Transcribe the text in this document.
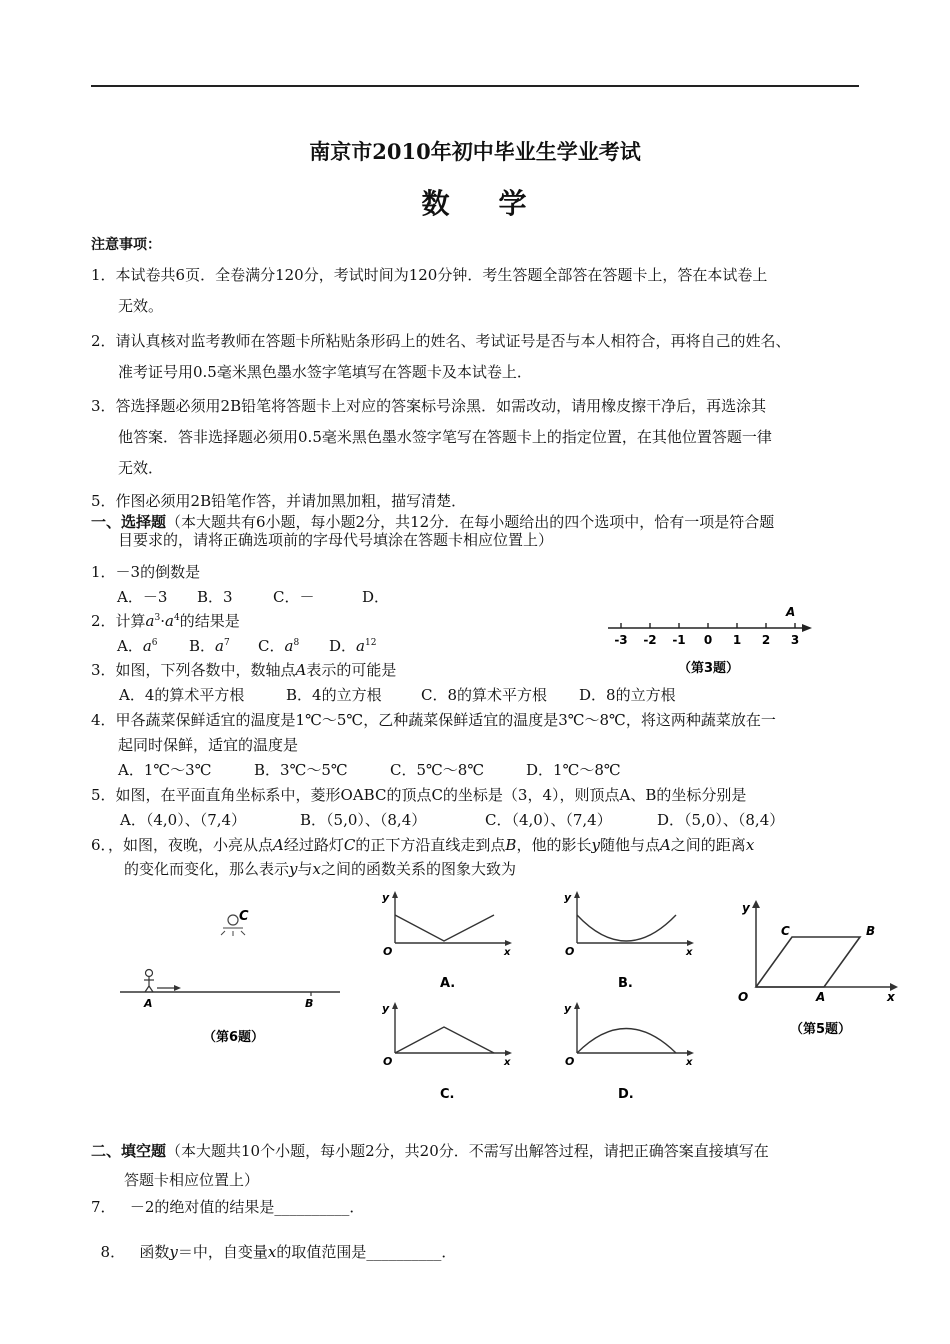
南京市2010年初中毕业生学业考试
数    学
注意事项：
1．本试卷共6页．全卷满分120分，考试时间为120分钟．考生答题全部答在答题卡上，答在本试卷上
无效。
2．请认真核对监考教师在答题卡所粘贴条形码上的姓名、考试证号是否与本人相符合，再将自己的姓名、
准考证号用0.5毫米黑色墨水签字笔填写在答题卡及本试卷上．
3．答选择题必须用2B铅笔将答题卡上对应的答案标号涂黑．如需改动，请用橡皮擦干净后，再选涂其
他答案．答非选择题必须用0.5毫米黑色墨水签字笔写在答题卡上的指定位置，在其他位置答题一律
无效．
5．作图必须用2B铅笔作答，并请加黑加粗，描写清楚．
一、选择题（本大题共有6小题，每小题2分，共12分．在每小题给出的四个选项中，恰有一项是符合题
目要求的，请将正确选项前的字母代号填涂在答题卡相应位置上）
1．－3的倒数是
A．－3 B．3	C．－	D．
2．计算$a^3\cdot a^4$的结果是
A．$a^6$ B．$a^7$ C．$a^8$ D．$a^{12}$	-3 -2 -1 0 1 2 3
A
（第3题）
3．如图，下列各数中，数轴点A表示的可能是
A．4的算术平方根	B．4的立方根	C．8的算术平方根 D．8的立方根
4．甲各蔬菜保鲜适宜的温度是1℃～5℃，乙种蔬菜保鲜适宜的温度是3℃～8℃，将这两种蔬菜放在一
起同时保鲜，适宜的温度是
A．1℃～3℃	B．3℃～5℃	C．5℃～8℃	D．1℃～8℃
5．如图，在平面直角坐标系中，菱形OABC的顶点C的坐标是（3，4），则顶点A、B的坐标分别是
A．（4,0）、（7,4）	B．（5,0）、（8,4）	C．（4,0）、（7,4）	D．（5,0）、（8,4）
6．，如图，夜晚，小亮从点A经过路灯C的正下方沿直线走到点B，他的影长y随他与点A之间的距离x
的变化而变化，那么表示y与x之间的函数关系的图象大致为
C
A	B
（第6题）
y
O	x
A.
y
O	x
B.
y
O	x
C.
y
O	x
D.
y
O	x
A
B
C
（第5题）
二、填空题（本大题共10个小题，每小题2分，共20分．不需写出解答过程，请把正确答案直接填写在
答题卡相应位置上）
7．   －2的绝对值的结果是__________．

8．   函数y＝中，自变量x的取值范围是__________．
